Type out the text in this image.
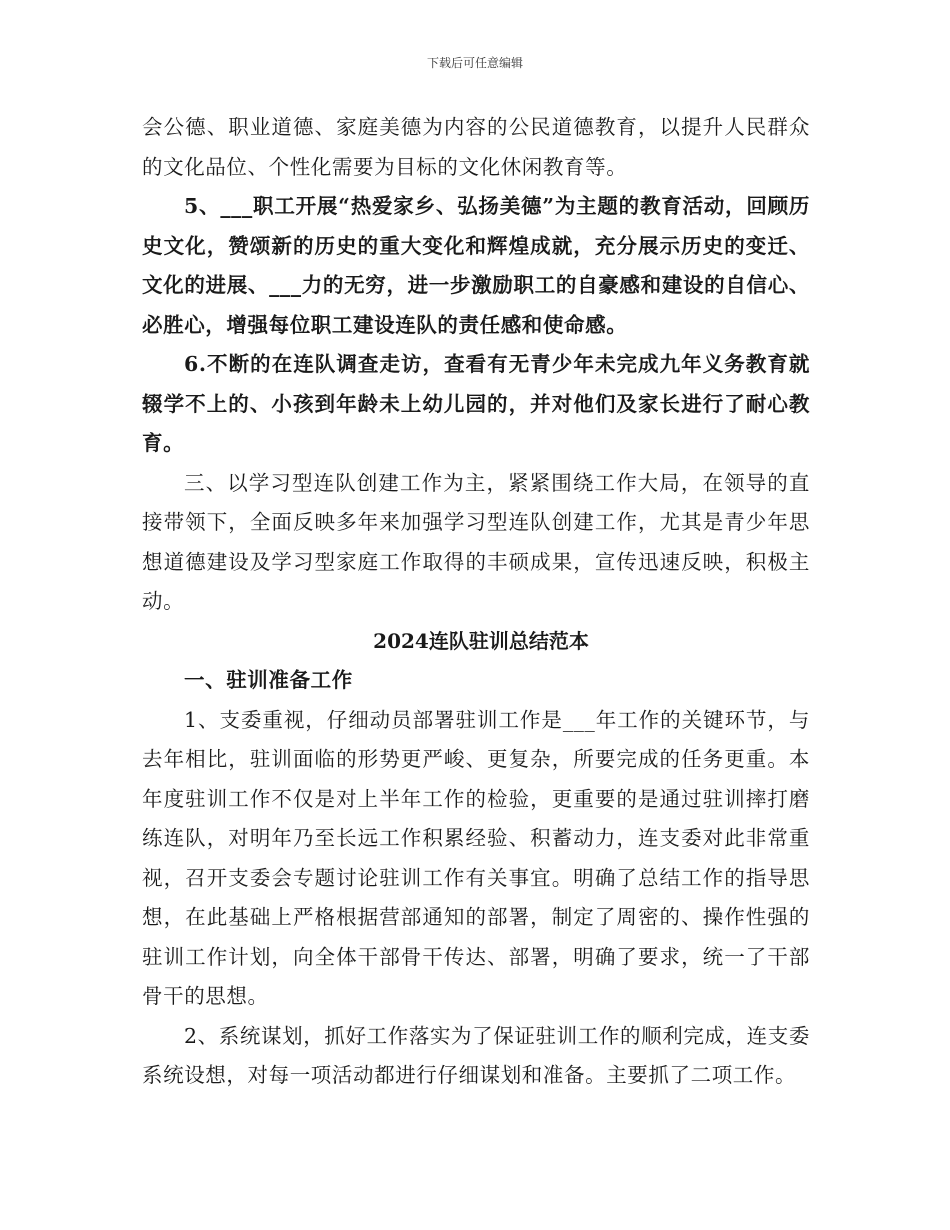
下载后可任意编辑

会公德、职业道德、家庭美德为内容的公民道德教育，以提升人民群众的文化品位、个性化需要为目标的文化休闲教育等。

5、___职工开展“热爱家乡、弘扬美德”为主题的教育活动，回顾历史文化，赞颂新的历史的重大变化和辉煌成就，充分展示历史的变迁、文化的进展、___力的无穷，进一步激励职工的自豪感和建设的自信心、必胜心，增强每位职工建设连队的责任感和使命感。

6.不断的在连队调查走访，查看有无青少年未完成九年义务教育就辍学不上的、小孩到年龄未上幼儿园的，并对他们及家长进行了耐心教育。

三、以学习型连队创建工作为主，紧紧围绕工作大局，在领导的直接带领下，全面反映多年来加强学习型连队创建工作，尤其是青少年思想道德建设及学习型家庭工作取得的丰硕成果，宣传迅速反映，积极主动。

2024连队驻训总结范本

一、驻训准备工作

1、支委重视，仔细动员部署驻训工作是___年工作的关键环节，与去年相比，驻训面临的形势更严峻、更复杂，所要完成的任务更重。本年度驻训工作不仅是对上半年工作的检验，更重要的是通过驻训摔打磨练连队，对明年乃至长远工作积累经验、积蓄动力，连支委对此非常重视，召开支委会专题讨论驻训工作有关事宜。明确了总结工作的指导思想，在此基础上严格根据营部通知的部署，制定了周密的、操作性强的驻训工作计划，向全体干部骨干传达、部署，明确了要求，统一了干部骨干的思想。

2、系统谋划，抓好工作落实为了保证驻训工作的顺利完成，连支委系统设想，对每一项活动都进行仔细谋划和准备。主要抓了二项工作。
